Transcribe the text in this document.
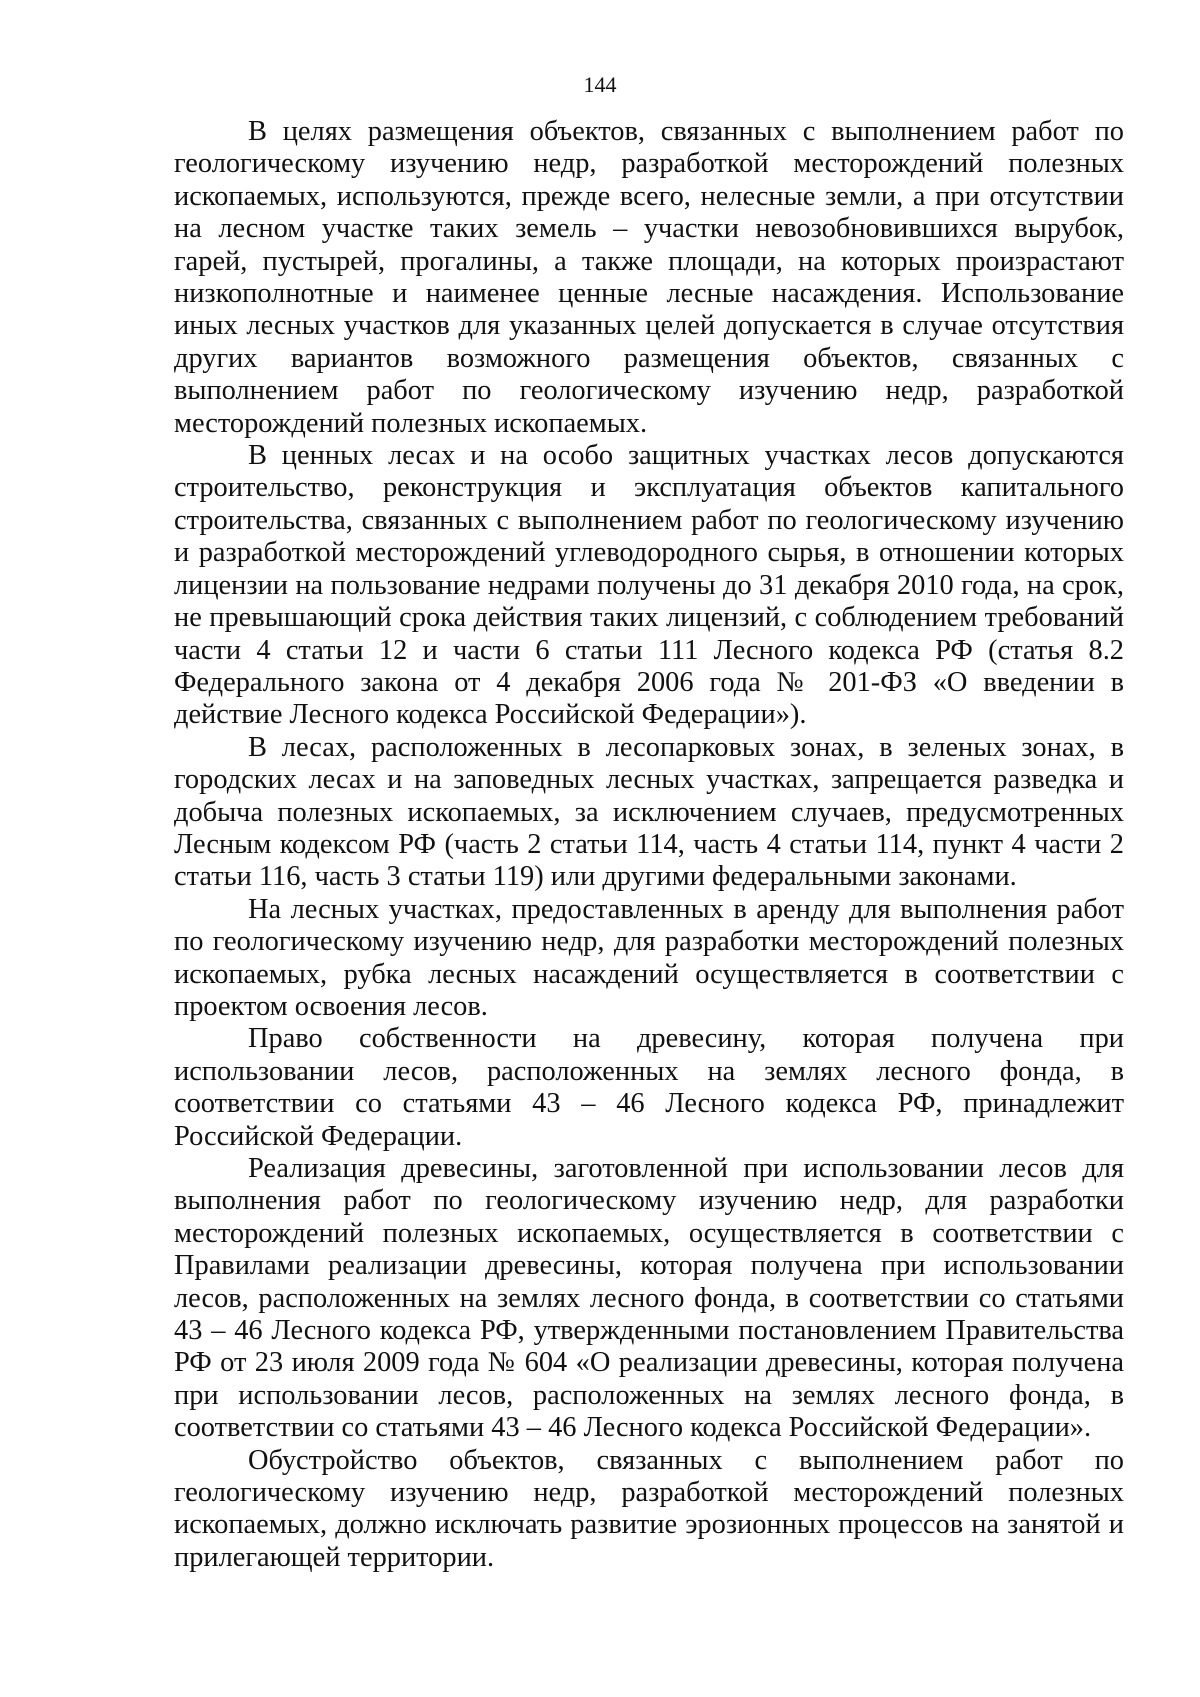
144

В целях размещения объектов, связанных с выполнением работ по геологическому изучению недр, разработкой месторождений полезных ископаемых, используются, прежде всего, нелесные земли, а при отсутствии на лесном участке таких земель – участки невозобновившихся вырубок, гарей, пустырей, прогалины, а также площади, на которых произрастают низкополнотные и наименее ценные лесные насаждения. Использование иных лесных участков для указанных целей допускается в случае отсутствия других вариантов возможного размещения объектов, связанных с выполнением работ по геологическому изучению недр, разработкой месторождений полезных ископаемых.

В ценных лесах и на особо защитных участках лесов допускаются строительство, реконструкция и эксплуатация объектов капитального строительства, связанных с выполнением работ по геологическому изучению и разработкой месторождений углеводородного сырья, в отношении которых лицензии на пользование недрами получены до 31 декабря 2010 года, на срок, не превышающий срока действия таких лицензий, с соблюдением требований части 4 статьи 12 и части 6 статьи 111 Лесного кодекса РФ (статья 8.2 Федерального закона от 4 декабря 2006 года № 201-ФЗ «О введении в действие Лесного кодекса Российской Федерации»).

В лесах, расположенных в лесопарковых зонах, в зеленых зонах, в городских лесах и на заповедных лесных участках, запрещается разведка и добыча полезных ископаемых, за исключением случаев, предусмотренных Лесным кодексом РФ (часть 2 статьи 114, часть 4 статьи 114, пункт 4 части 2 статьи 116, часть 3 статьи 119) или другими федеральными законами.

На лесных участках, предоставленных в аренду для выполнения работ по геологическому изучению недр, для разработки месторождений полезных ископаемых, рубка лесных насаждений осуществляется в соответствии с проектом освоения лесов.

Право собственности на древесину, которая получена при использовании лесов, расположенных на землях лесного фонда, в соответствии со статьями 43 – 46 Лесного кодекса РФ, принадлежит Российской Федерации.

Реализация древесины, заготовленной при использовании лесов для выполнения работ по геологическому изучению недр, для разработки месторождений полезных ископаемых, осуществляется в соответствии с Правилами реализации древесины, которая получена при использовании лесов, расположенных на землях лесного фонда, в соответствии со статьями 43 – 46 Лесного кодекса РФ, утвержденными постановлением Правительства РФ от 23 июля 2009 года № 604 «О реализации древесины, которая получена при использовании лесов, расположенных на землях лесного фонда, в соответствии со статьями 43 – 46 Лесного кодекса Российской Федерации».

Обустройство объектов, связанных с выполнением работ по геологическому изучению недр, разработкой месторождений полезных ископаемых, должно исключать развитие эрозионных процессов на занятой и прилегающей территории.
